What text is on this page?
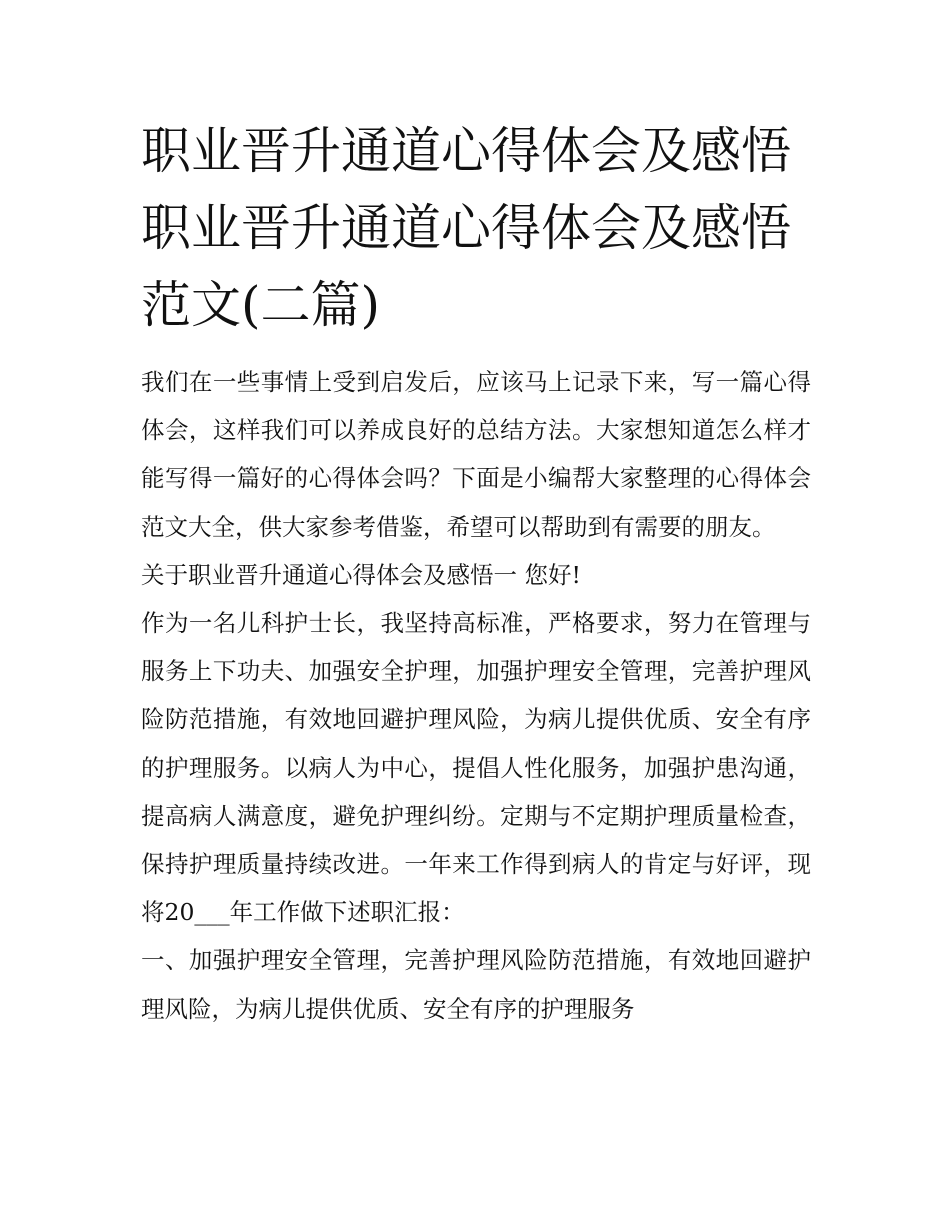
职业晋升通道心得体会及感悟
职业晋升通道心得体会及感悟
范文(二篇)

我们在一些事情上受到启发后，应该马上记录下来，写一篇心得体会，这样我们可以养成良好的总结方法。大家想知道怎么样才能写得一篇好的心得体会吗？下面是小编帮大家整理的心得体会范文大全，供大家参考借鉴，希望可以帮助到有需要的朋友。

关于职业晋升通道心得体会及感悟一 您好!

作为一名儿科护士长，我坚持高标准，严格要求，努力在管理与服务上下功夫、加强安全护理，加强护理安全管理，完善护理风险防范措施，有效地回避护理风险，为病儿提供优质、安全有序的护理服务。以病人为中心，提倡人性化服务，加强护患沟通，提高病人满意度，避免护理纠纷。定期与不定期护理质量检查，保持护理质量持续改进。一年来工作得到病人的肯定与好评，现将20___年工作做下述职汇报：

一、加强护理安全管理，完善护理风险防范措施，有效地回避护理风险，为病儿提供优质、安全有序的护理服务
